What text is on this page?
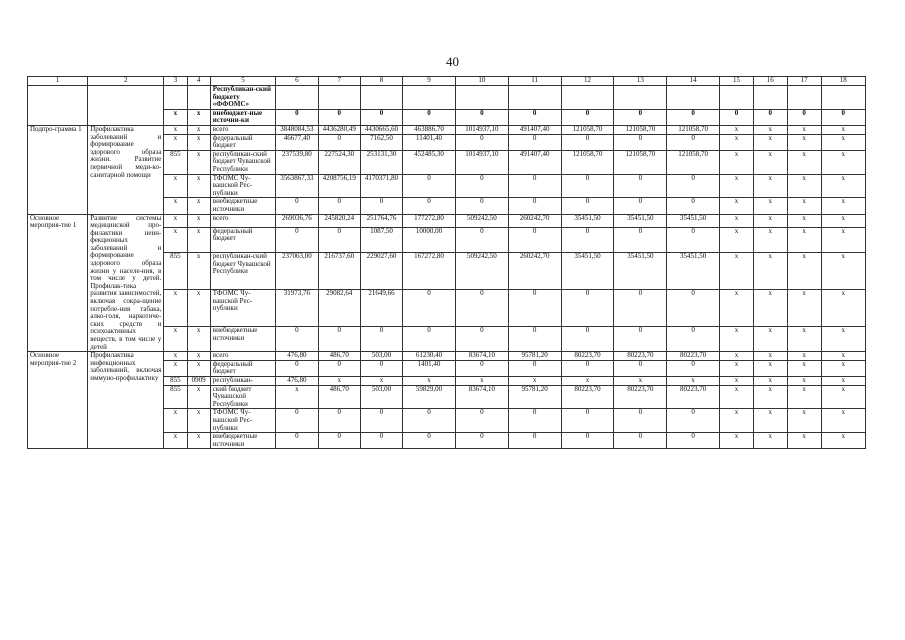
40
1	2	3	4	5	6	7	8	9	10	11	12	13	14	15	16	17	18
				Республикан-ский бюджету «ФФОМС»													
		x	x	внебюджет-ные источни-ки	0	0	0	0	0	0	0	0	0	0	0	0	0
Подпро-грамма 1	Профилактика заболеваний и формирование здорового образа жизни. Развитие первичной меди-ко-санитарной помощи	x	x	всего	3848084,53	4436280,49	4430665,60	463886,70	1014937,10	491407,40	121058,70	121058,70	121058,70	x	x	x	x
		x	x	федеральный бюджет	46677,40	0	7162,50	11401,40	0	0	0	0	0	x	x	x	x
		855	x	республикан-ский бюджет Чувашской Республики	237539,80	227524,30	253131,30	452485,30	1014937,10	491407,40	121058,70	121058,70	121058,70	x	x	x	x
		x	x	ТФОМС Чу-вашской Рес-публики	3563867,33	4208756,19	4170371,80	0	0	0	0	0	0	x	x	x	x
		x	x	внебюджетные источники	0	0	0	0	0	0	0	0	0	x	x	x	x
Основное мероприя-тие 1	Развитие системы медицинской про-филактики неин-фекционных заболеваний и формирование здорового образа жизни у населе-ния, в том числе у детей. Профилак-тика развития зависимостей, включая сокра-щение потребле-ния табака, алко-голя, наркотиче-ских средств и психоактивных веществ, в том числе у детей	x	x	всего	269036,76	245820,24	251764,76	177272,80	509242,50	260242,70	35451,50	35451,50	35451,50	x	x	x	x
		x	x	федеральный бюджет	0	0	1087,50	10000,00	0	0	0	0	0	x	x	x	x
		855	x	республикан-ский бюджет Чувашской Республики	237063,00	216737,60	229027,60	167272,80	509242,50	260242,70	35451,50	35451,50	35451,50	x	x	x	x
		x	x	ТФОМС Чу-вашской Рес-публики	31973,76	29082,64	21649,66	0	0	0	0	0	0	x	x	x	x
		x	x	внебюджетные источники	0	0	0	0	0	0	0	0	0	x	x	x	x
Основное мероприя-тие 2	Профилактика инфекционных заболеваний, включая иммуно-профилактику	x	x	всего	476,80	486,70	503,00	61230,40	83674,10	95781,20	80223,70	80223,70	80223,70	x	x	x	x
		x	x	федеральный бюджет	0	0	0	1401,40	0	0	0	0	0	x	x	x	x
		855	0909	республикан-	476,80	x	x	x	x	x	x	x	x	x	x	x	x
		855	x	ский бюджет Чувашской Республики	x	486,70	503,00	59829,00	83674,10	95781,20	80223,70	80223,70	80223,70	x	x	x	x
		x	x	ТФОМС Чу-вашской Рес-публики	0	0	0	0	0	0	0	0	0	x	x	x	x
		x	x	внебюджетные источники	0	0	0	0	0	0	0	0	0	x	x	x	x
